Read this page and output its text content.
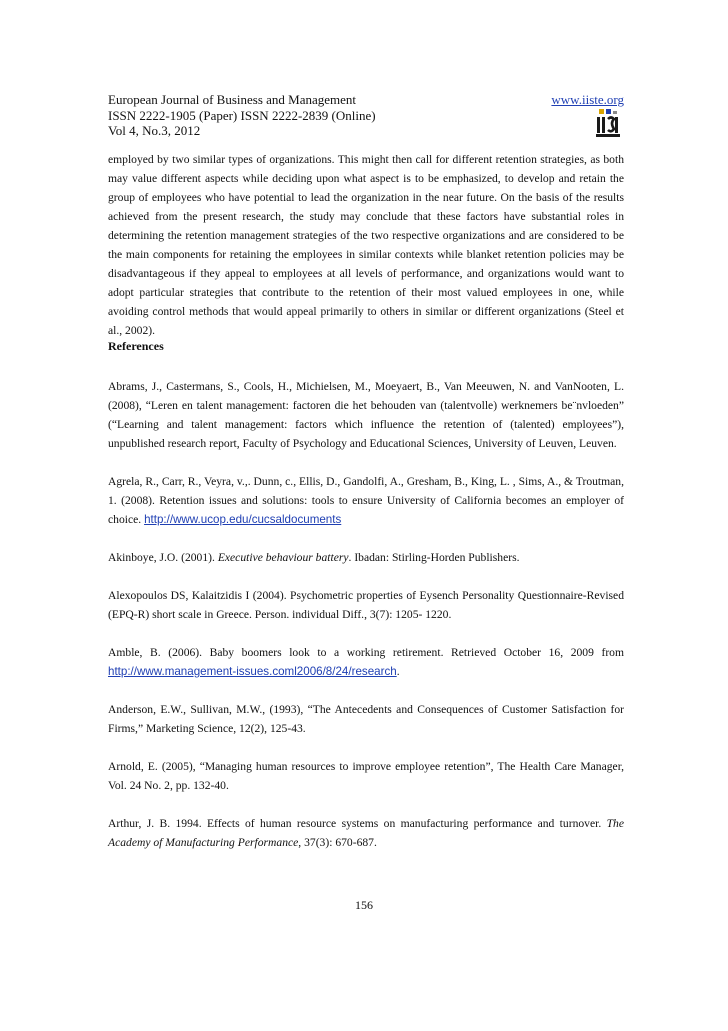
European Journal of Business and Management
ISSN 2222-1905 (Paper) ISSN 2222-2839 (Online)
Vol 4, No.3, 2012
www.iiste.org
employed by two similar types of organizations. This might then call for different retention strategies, as both may value different aspects while deciding upon what aspect is to be emphasized, to develop and retain the group of employees who have potential to lead the organization in the near future. On the basis of the results achieved from the present research, the study may conclude that these factors have substantial roles in determining the retention management strategies of the two respective organizations and are considered to be the main components for retaining the employees in similar contexts while blanket retention policies may be disadvantageous if they appeal to employees at all levels of performance, and organizations would want to adopt particular strategies that contribute to the retention of their most valued employees in one, while avoiding control methods that would appeal primarily to others in similar or different organizations (Steel et al., 2002).
References

Abrams, J., Castermans, S., Cools, H., Michielsen, M., Moeyaert, B., Van Meeuwen, N. and VanNooten, L. (2008), “Leren en talent management: factoren die het behouden van (talentvolle) werknemers be¨nvloeden” (“Learning and talent management: factors which influence the retention of (talented) employees”), unpublished research report, Faculty of Psychology and Educational Sciences, University of Leuven, Leuven.

Agrela, R., Carr, R., Veyra, v.,. Dunn, c., Ellis, D., Gandolfi, A., Gresham, B., King, L. , Sims, A., & Troutman, 1. (2008). Retention issues and solutions: tools to ensure University of California becomes an employer of choice. http://www.ucop.edu/cucsaldocuments

Akinboye, J.O. (2001). Executive behaviour battery. Ibadan: Stirling-Horden Publishers.

Alexopoulos DS, Kalaitzidis I (2004). Psychometric properties of Eysench Personality Questionnaire-Revised (EPQ-R) short scale in Greece. Person. individual Diff., 3(7): 1205- 1220.

Amble, B. (2006). Baby boomers look to a working retirement. Retrieved October 16, 2009 from http://www.management-issues.coml2006/8/24/research.

Anderson, E.W., Sullivan, M.W., (1993), “The Antecedents and Consequences of Customer Satisfaction for Firms,” Marketing Science, 12(2), 125-43.

Arnold, E. (2005), “Managing human resources to improve employee retention”, The Health Care Manager, Vol. 24 No. 2, pp. 132-40.

Arthur, J. B. 1994. Effects of human resource systems on manufacturing performance and turnover. The Academy of Manufacturing Performance, 37(3): 670-687.

156
